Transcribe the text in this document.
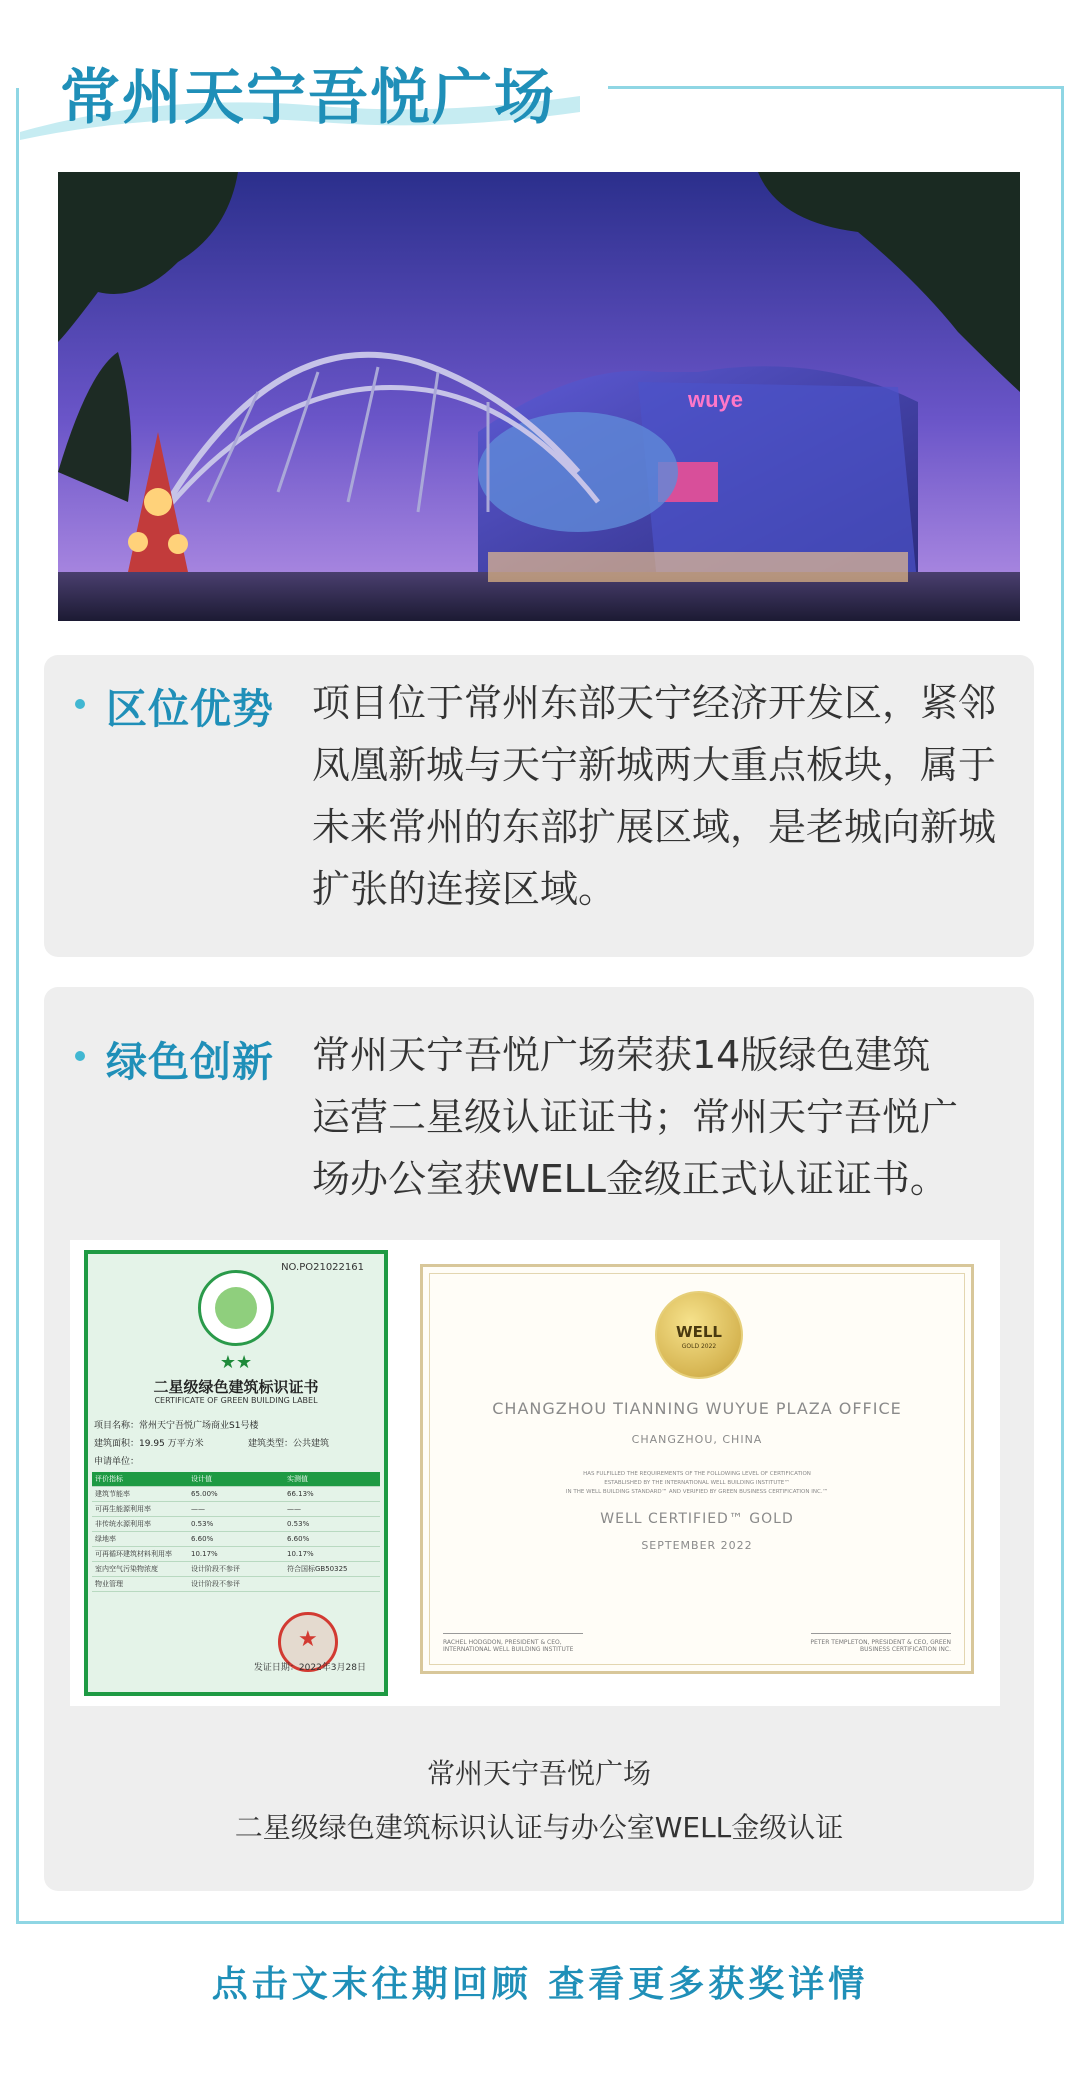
常州天宁吾悦广场
wuye
区位优势 项目位于常州东部天宁经济开发区，紧邻
凤凰新城与天宁新城两大重点板块，属于
未来常州的东部扩展区域，是老城向新城
扩张的连接区域。
绿色创新 常州天宁吾悦广场荣获14版绿色建筑
运营二星级认证证书；常州天宁吾悦广
场办公室获WELL金级正式认证证书。
NO.PO21022161
★★
二星级绿色建筑标识证书
CERTIFICATE OF GREEN BUILDING LABEL
项目名称：常州天宁吾悦广场商业S1号楼
建筑面积：19.95 万平方米	建筑类型：公共建筑
申请单位：
评价指标	设计值	实测值
建筑节能率	65.00%	66.13%
可再生能源利用率	——	——
非传统水源利用率	0.53%	0.53%
绿地率	6.60%	6.60%
可再循环建筑材料利用率	10.17%	10.17%
室内空气污染物浓度	设计阶段不参评	符合国标GB50325
物业管理	设计阶段不参评
★
发证日期：2022年3月28日
WELL
GOLD 2022
CHANGZHOU TIANNING WUYUE PLAZA OFFICE
CHANGZHOU, CHINA
HAS FULFILLED THE REQUIREMENTS OF THE FOLLOWING LEVEL OF CERTIFICATION
ESTABLISHED BY THE INTERNATIONAL WELL BUILDING INSTITUTE™
IN THE WELL BUILDING STANDARD™ AND VERIFIED BY GREEN BUSINESS CERTIFICATION INC.™
WELL CERTIFIED™ GOLD
SEPTEMBER 2022
RACHEL HODGDON, PRESIDENT & CEO, INTERNATIONAL WELL BUILDING INSTITUTE
PETER TEMPLETON, PRESIDENT & CEO, GREEN BUSINESS CERTIFICATION INC.
常州天宁吾悦广场
二星级绿色建筑标识认证与办公室WELL金级认证
点击文末往期回顾 查看更多获奖详情
